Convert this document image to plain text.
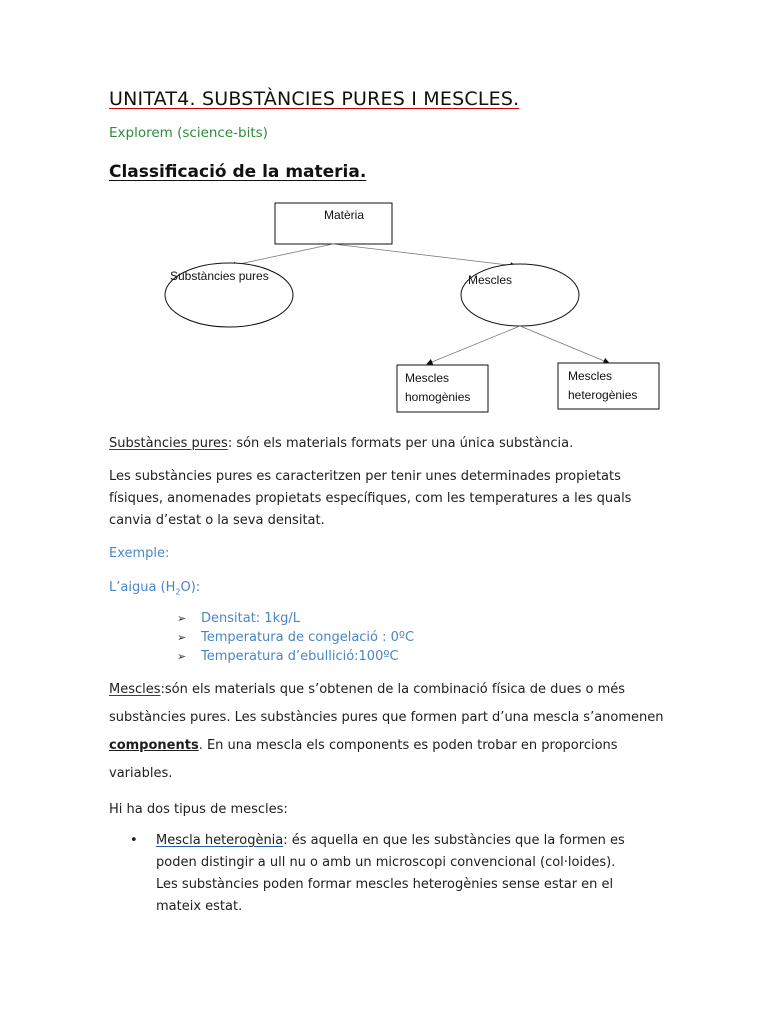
UNITAT4. SUBSTÀNCIES PURES I MESCLES.
Explorem (science-bits)
Classificació de la materia.
Matèria
Substàncies pures	Mescles
Mescles
homogènies
Mescles
heterogènies
Substàncies pures: són els materials formats per una única substància.
Les substàncies pures es caracteritzen per tenir unes determinades propietats
físiques, anomenades propietats específiques, com les temperatures a les quals
canvia d’estat o la seva densitat.
Exemple:
L’aigua $(H_2O)$:
➢ Densitat: 1kg/L
➢ Temperatura de congelació : 0ºC
➢ Temperatura d’ebullició:100ºC
Mescles:són els materials que s’obtenen de la combinació física de dues o més
substàncies pures. Les substàncies pures que formen part d’una mescla s’anomenen
components. En una mescla els components es poden trobar en proporcions
variables.
Hi ha dos tipus de mescles:
• Mescla heterogènia: és aquella en que les substàncies que la formen es
poden distingir a ull nu o amb un microscopi convencional (col·loides).
Les substàncies poden formar mescles heterogènies sense estar en el
mateix estat.
